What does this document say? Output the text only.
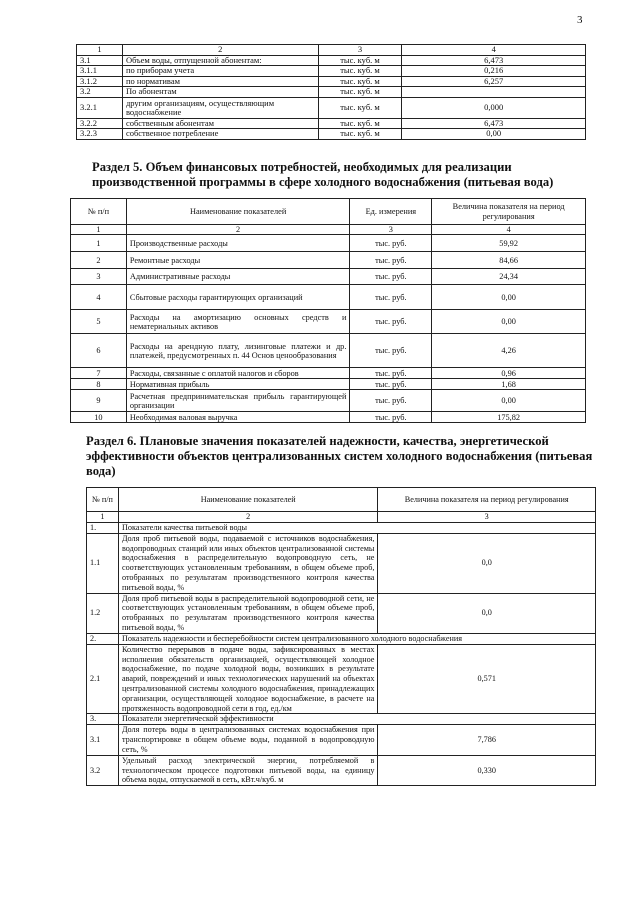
3
1	2	3	4
3.1	Объем воды, отпущенной абонентам:	тыс. куб. м	6,473
3.1.1	по приборам учета	тыс. куб. м	0,216
3.1.2	по нормативам	тыс. куб. м	6,257
3.2	По абонентам	тыс. куб. м	
3.2.1	другим организациям, осуществляющим водоснабжение	тыс. куб. м	0,000
3.2.2	собственным абонентам	тыс. куб. м	6,473
3.2.3	собственное потребление	тыс. куб. м	0,00

Раздел 5. Объем финансовых потребностей, необходимых для реализации производственной программы в сфере холодного водоснабжения (питьевая вода)

№ п/п	Наименование показателей	Ед. измерения	Величина показателя на период регулирования
1	2	3	4
1	Производственные расходы	тыс. руб.	59,92
2	Ремонтные расходы	тыс. руб.	84,66
3	Административные расходы	тыс. руб.	24,34
4	Сбытовые расходы гарантирующих организаций	тыс. руб.	0,00
5	Расходы на амортизацию основных средств и нематериальных активов	тыс. руб.	0,00
6	Расходы на арендную плату, лизинговые платежи и др. платежей, предусмотренных п. 44 Основ ценообразования	тыс. руб.	4,26
7	Расходы, связанные с оплатой налогов и сборов	тыс. руб.	0,96
8	Нормативная прибыль	тыс. руб.	1,68
9	Расчетная предпринимательская прибыль гарантирующей организации	тыс. руб.	0,00
10	Необходимая валовая выручка	тыс. руб.	175,82

Раздел 6. Плановые значения показателей надежности, качества, энергетической эффективности объектов централизованных систем холодного водоснабжения (питьевая вода)

№ п/п	Наименование показателей	Величина показателя на период регулирования
1	2	3
1.	Показатели качества питьевой воды	
1.1	Доля проб питьевой воды, подаваемой с источников водоснабжения, водопроводных станций или иных объектов централизованной системы водоснабжения в распределительную водопроводную сеть, не соответствующих установленным требованиям, в общем объеме проб, отобранных по результатам производственного контроля качества питьевой воды, %	0,0
1.2	Доля проб питьевой воды в распределительной водопроводной сети, не соответствующих установленным требованиям, в общем объеме проб, отобранных по результатам производственного контроля качества питьевой воды, %	0,0
2.	Показатель надежности и бесперебойности систем централизованного холодного водоснабжения	
2.1	Количество перерывов в подаче воды, зафиксированных в местах исполнения обязательств организацией, осуществляющей холодное водоснабжение, по подаче холодной воды, возникших в результате аварий, повреждений и иных технологических нарушений на объектах централизованной системы холодного водоснабжения, принадлежащих организации, осуществляющей холодное водоснабжение, в расчете на протяженность водопроводной сети в год, ед./км	0,571
3.	Показатели энергетической эффективности	
3.1	Доля потерь воды в централизованных системах водоснабжения при транспортировке в общем объеме воды, поданной в водопроводную сеть, %	7,786
3.2	Удельный расход электрической энергии, потребляемой в технологическом процессе подготовки питьевой воды, на единицу объема воды, отпускаемой в сеть, кВт.ч/куб. м	0,330
